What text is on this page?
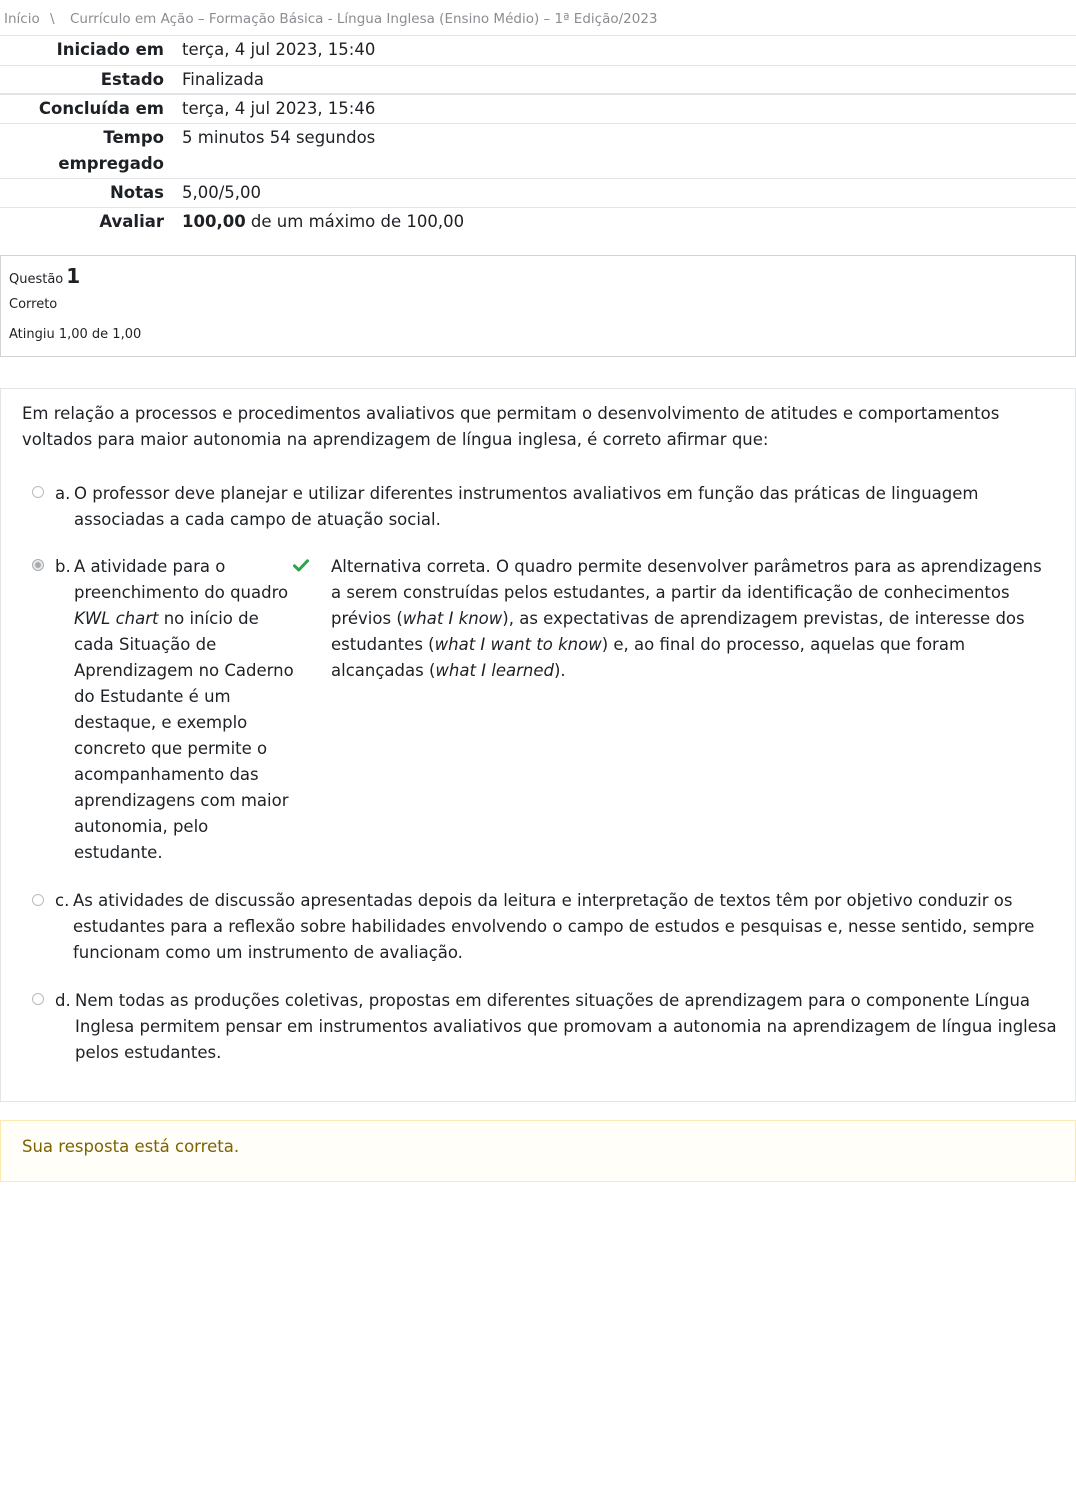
Início \ Currículo em Ação – Formação Básica - Língua Inglesa (Ensino Médio) – 1ª Edição/2023
Iniciado em terça, 4 jul 2023, 15:40
Estado Finalizada
Concluída em terça, 4 jul 2023, 15:46
Tempo
empregado
5 minutos 54 segundos
Notas 5,00/5,00
Avaliar 100,00 de um máximo de 100,00
Questão 1
Correto
Atingiu 1,00 de 1,00
Em relação a processos e procedimentos avaliativos que permitam o desenvolvimento de atitudes e comportamentos voltados para maior autonomia na aprendizagem de língua inglesa, é correto afirmar que:
a. O professor deve planejar e utilizar diferentes instrumentos avaliativos em função das práticas de linguagem associadas a cada campo de atuação social.
b. A atividade para o preenchimento do quadro KWL chart no início de cada Situação de Aprendizagem no Caderno do Estudante é um destaque, e exemplo concreto que permite o acompanhamento das aprendizagens com maior autonomia, pelo estudante.
Alternativa correta. O quadro permite desenvolver parâmetros para as aprendizagens a serem construídas pelos estudantes, a partir da identificação de conhecimentos prévios (what I know), as expectativas de aprendizagem previstas, de interesse dos estudantes (what I want to know) e, ao final do processo, aquelas que foram alcançadas (what I learned).
c. As atividades de discussão apresentadas depois da leitura e interpretação de textos têm por objetivo conduzir os estudantes para a reflexão sobre habilidades envolvendo o campo de estudos e pesquisas e, nesse sentido, sempre funcionam como um instrumento de avaliação.
d. Nem todas as produções coletivas, propostas em diferentes situações de aprendizagem para o componente Língua Inglesa permitem pensar em instrumentos avaliativos que promovam a autonomia na aprendizagem de língua inglesa pelos estudantes.
Sua resposta está correta.
